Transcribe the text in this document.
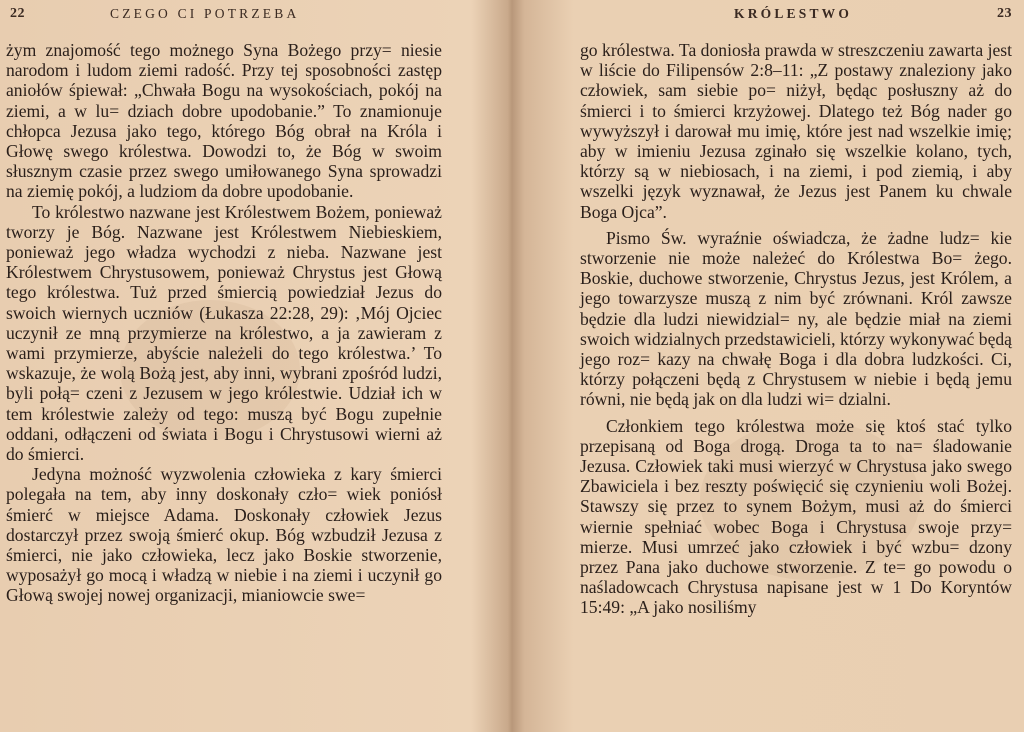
22	CZEGO CI POTRZEBA

żym znajomość tego możnego Syna Bożego przy= niesie narodom i ludom ziemi radość. Przy tej sposobności zastęp aniołów śpiewał: „Chwała Bogu na wysokościach, pokój na ziemi, a w lu= dziach dobre upodobanie.” To znamionuje chłopca Jezusa jako tego, którego Bóg obrał na Króla i Głowę swego królestwa. Dowodzi to, że Bóg w swoim słusznym czasie przez swego umiłowanego Syna sprowadzi na ziemię pokój, a ludziom da dobre upodobanie.

To królestwo nazwane jest Królestwem Bożem, ponieważ tworzy je Bóg. Nazwane jest Królestwem Niebieskiem, ponieważ jego władza wychodzi z nieba. Nazwane jest Królestwem Chrystusowem, ponieważ Chrystus jest Głową tego królestwa. Tuż przed śmiercią powiedział Jezus do swoich wiernych uczniów (Łukasza 22:28, 29): ‚Mój Ojciec uczynił ze mną przymierze na królestwo, a ja zawieram z wami przymierze, abyście należeli do tego królestwa.’ To wskazuje, że wolą Bożą jest, aby inni, wybrani zpośród ludzi, byli połą= czeni z Jezusem w jego królestwie. Udział ich w tem królestwie zależy od tego: muszą być Bogu zupełnie oddani, odłączeni od świata i Bogu i Chrystusowi wierni aż do śmierci.

Jedyna możność wyzwolenia człowieka z kary śmierci polegała na tem, aby inny doskonały czło= wiek poniósł śmierć w miejsce Adama. Doskonały człowiek Jezus dostarczył przez swoją śmierć okup. Bóg wzbudził Jezusa z śmierci, nie jako człowieka, lecz jako Boskie stworzenie, wyposażył go mocą i władzą w niebie i na ziemi i uczynił go Głową swojej nowej organizacji, mianiowcie swe=

KRÓLESTWO	23

go królestwa. Ta doniosła prawda w streszczeniu zawarta jest w liście do Filipensów 2:8–11: „Z postawy znaleziony jako człowiek, sam siebie po= niżył, będąc posłuszny aż do śmierci i to śmierci krzyżowej. Dlatego też Bóg nader go wywyższył i darował mu imię, które jest nad wszelkie imię; aby w imieniu Jezusa zginało się wszelkie kolano, tych, którzy są w niebiosach, i na ziemi, i pod ziemią, i aby wszelki język wyznawał, że Jezus jest Panem ku chwale Boga Ojca”.

Pismo Św. wyraźnie oświadcza, że żadne ludz= kie stworzenie nie może należeć do Królestwa Bo= żego. Boskie, duchowe stworzenie, Chrystus Jezus, jest Królem, a jego towarzysze muszą z nim być zrównani. Król zawsze będzie dla ludzi niewidzial= ny, ale będzie miał na ziemi swoich widzialnych przedstawicieli, którzy wykonywać będą jego roz= kazy na chwałę Boga i dla dobra ludzkości. Ci, którzy połączeni będą z Chrystusem w niebie i będą jemu równi, nie będą jak on dla ludzi wi= dzialni.

Członkiem tego królestwa może się ktoś stać tylko przepisaną od Boga drogą. Droga ta to na= śladowanie Jezusa. Człowiek taki musi wierzyć w Chrystusa jako swego Zbawiciela i bez reszty poświęcić się czynieniu woli Bożej. Stawszy się przez to synem Bożym, musi aż do śmierci wiernie spełniać wobec Boga i Chrystusa swoje przy= mierze. Musi umrzeć jako człowiek i być wzbu= dzony przez Pana jako duchowe stworzenie. Z te= go powodu o naśladowcach Chrystusa napisane jest w 1 Do Koryntów 15:49: „A jako nosiliśmy
